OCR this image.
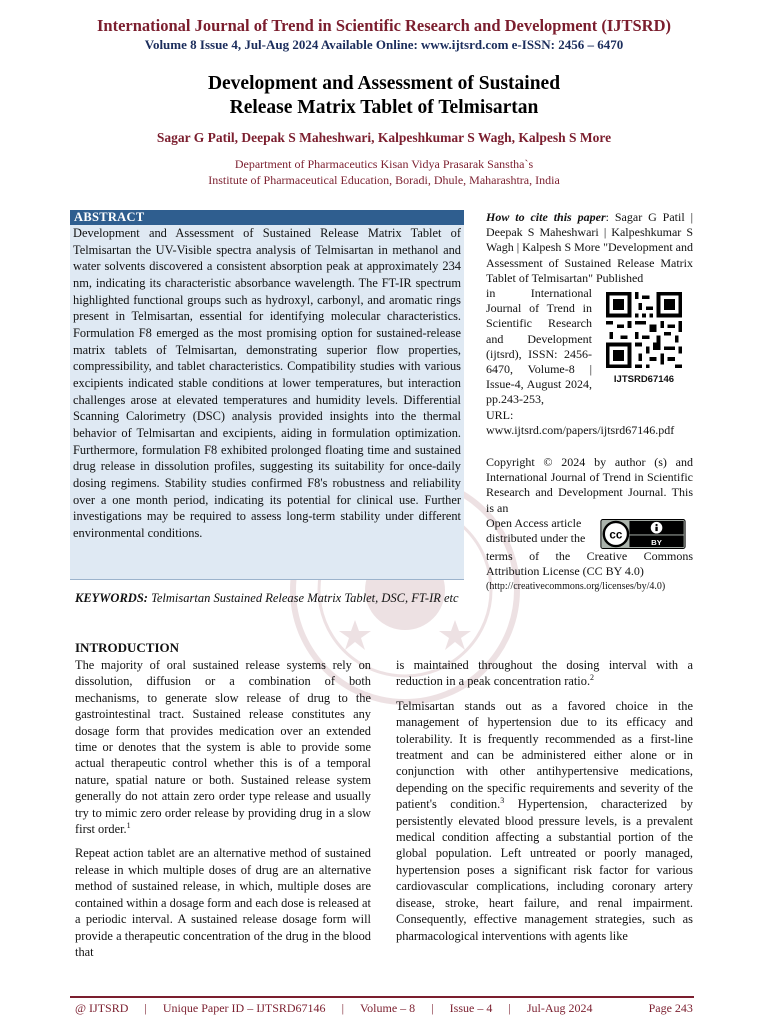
International Journal of Trend in Scientific Research and Development (IJTSRD)
Volume 8 Issue 4, Jul-Aug 2024 Available Online: www.ijtsrd.com e-ISSN: 2456 – 6470
Development and Assessment of Sustained
Release Matrix Tablet of Telmisartan
Sagar G Patil, Deepak S Maheshwari, Kalpeshkumar S Wagh, Kalpesh S More
Department of Pharmaceutics Kisan Vidya Prasarak Sanstha`s
Institute of Pharmaceutical Education, Boradi, Dhule, Maharashtra, India
ABSTRACT
Development and Assessment of Sustained Release Matrix Tablet of Telmisartan the UV-Visible spectra analysis of Telmisartan in methanol and water solvents discovered a consistent absorption peak at approximately 234 nm, indicating its characteristic absorbance wavelength. The FT-IR spectrum highlighted functional groups such as hydroxyl, carbonyl, and aromatic rings present in Telmisartan, essential for identifying molecular characteristics. Formulation F8 emerged as the most promising option for sustained-release matrix tablets of Telmisartan, demonstrating superior flow properties, compressibility, and tablet characteristics. Compatibility studies with various excipients indicated stable conditions at lower temperatures, but interaction challenges arose at elevated temperatures and humidity levels. Differential Scanning Calorimetry (DSC) analysis provided insights into the thermal behavior of Telmisartan and excipients, aiding in formulation optimization. Furthermore, formulation F8 exhibited prolonged floating time and sustained drug release in dissolution profiles, suggesting its suitability for once-daily dosing regimens. Stability studies confirmed F8's robustness and reliability over a one month period, indicating its potential for clinical use. Further investigations may be required to assess long-term stability under different environmental conditions.
KEYWORDS: Telmisartan Sustained Release Matrix Tablet, DSC, FT-IR etc
How to cite this paper: Sagar G Patil | Deepak S Maheshwari | Kalpeshkumar S Wagh | Kalpesh S More "Development and Assessment of Sustained Release Matrix Tablet of Telmisartan" Published
in International Journal of Trend in Scientific Research and Development (ijtsrd), ISSN: 2456-6470, Volume-8 | Issue-4, August 2024, pp.243-253,
IJTSRD67146
URL: www.ijtsrd.com/papers/ijtsrd67146.pdf
Copyright © 2024 by author (s) and International Journal of Trend in Scientific Research and Development Journal. This is an
Open Access article distributed under the	cc
BY
terms of the Creative Commons Attribution License (CC BY 4.0)
(http://creativecommons.org/licenses/by/4.0)
INTRODUCTION

The majority of oral sustained release systems rely on dissolution, diffusion or a combination of both mechanisms, to generate slow release of drug to the gastrointestinal tract. Sustained release constitutes any dosage form that provides medication over an extended time or denotes that the system is able to provide some actual therapeutic control whether this is of a temporal nature, spatial nature or both. Sustained release system generally do not attain zero order type release and usually try to mimic zero order release by providing drug in a slow first order.$^1$

Repeat action tablet are an alternative method of sustained release in which multiple doses of drug are an alternative method of sustained release, in which, multiple doses are contained within a dosage form and each dose is released at a periodic interval. A sustained release dosage form will provide a therapeutic concentration of the drug in the blood that

is maintained throughout the dosing interval with a reduction in a peak concentration ratio.$^2$

Telmisartan stands out as a favored choice in the management of hypertension due to its efficacy and tolerability. It is frequently recommended as a first-line treatment and can be administered either alone or in conjunction with other antihypertensive medications, depending on the specific requirements and severity of the patient's condition.$^3$ Hypertension, characterized by persistently elevated blood pressure levels, is a prevalent medical condition affecting a substantial portion of the global population. Left untreated or poorly managed, hypertension poses a significant risk factor for various cardiovascular complications, including coronary artery disease, stroke, heart failure, and renal impairment. Consequently, effective management strategies, such as pharmacological interventions with agents like

@ IJTSRD | Unique Paper ID – IJTSRD67146 | Volume – 8 | Issue – 4 | Jul-Aug 2024	Page 243
